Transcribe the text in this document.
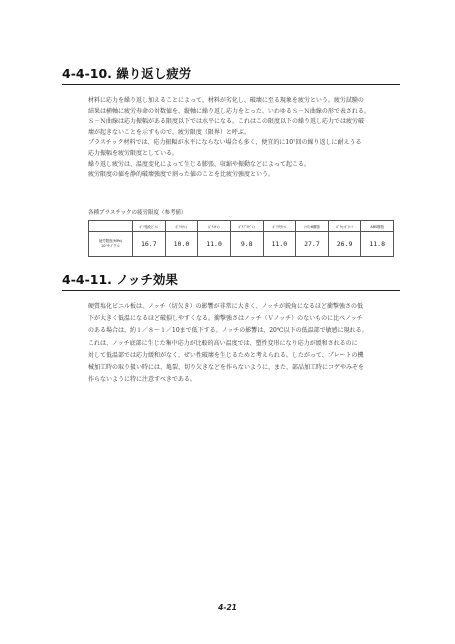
4-4-10. 繰り返し疲労
材料に応力を繰り返し加えることによって、材料が劣化し、破壊に至る現象を疲労という。疲労試験の
結果は横軸に疲労寿命の対数値を、縦軸に繰り返し応力をとった、いわゆるＳ－Ｎ曲線の形で表される。
Ｓ－Ｎ曲線は応力振幅がある限度以下では水平になる。これはこの限度以下の繰り返し応力では疲労破
壊が起きないことを示すもので、疲労限度（限界）と呼ぶ。
プラスチック材料では、応力振幅が水平にならない場合も多く、便宜的に10⁷回の繰り返しに耐えうる
応力振幅を疲労限度としている。
繰り返し疲労は、温度変化によって生じる膨張、収縮や振動などによって起こる。
疲労限度の値を静的破壊強度で割った値のことを比疲労強度という。
各種プラスチックの疲労限度（参考値）
	ﾎﾟﾘ塩化ﾋﾞﾆﾙ	ﾎﾟﾘｽﾁﾚﾝ	ﾎﾟﾘｴﾁﾚﾝ	ﾎﾟﾘﾌﾟﾛﾋﾟﾚﾝ	ﾎﾟﾘｱｾﾀｰﾙ	ﾅｲﾛﾝ6樹脂	ﾎﾟﾘｶｰﾎﾞﾈｰﾄ	ABS樹脂

疲労限度(MPa)
10⁷サイクル	16.7	10.0	11.0	9.8	11.0	27.7	26.9	11.8
4-4-11. ノッチ効果
硬質塩化ビニル板は、ノッチ（切欠き）の影響が非常に大きく、ノッチが鋭角になるほど衝撃強さの低
下が大きく低温になるほど破損しやすくなる。衝撃強さはノッチ（Ｖノッチ）のないものに比べノッチ
のある場合は、約１／８～１／10まで低下する。ノッチの影響は、20℃以下の低温部で敏感に現れる。
これは、ノッチ底部に生じた集中応力が比較的高い温度では、塑性変形になり応力が緩和されるのに
対して低温部では応力緩和がなく、ぜい性破壊を生じるためと考えられる。したがって、プレートの機
械加工時の取り扱い時には、亀裂、切り欠きなどを作らないように、また、部品加工時にコゲやみぞを
作らないように特に注意すべきである。
4-21
